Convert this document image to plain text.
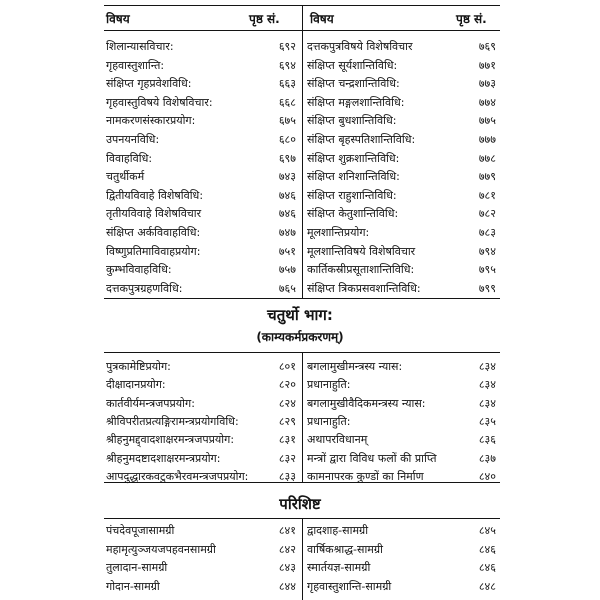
विषय	पृष्ठ सं.	विषय	पृष्ठ सं.
शिलान्यासविचार:	६९२
गृहवास्तुशान्ति:	६९४
संक्षिप्त गृहप्रवेशविधि:	६६३
गृहवास्तुविषये विशेषविचार:	६६८
नामकरणसंस्कारप्रयोग:	६७५
उपनयनविधि:	६८०
विवाहविधि:	६९७
चतुर्थीकर्म	७४३
द्वितीयविवाहे विशेषविधि:	७४६
तृतीयविवाहे विशेषविचार	७४६
संक्षिप्त अर्कविवाहविधि:	७४७
विष्णुप्रतिमाविवाहप्रयोग:	७५१
कुम्भविवाहविधि:	७५७
दत्तकपुत्रग्रहणविधि:	७६५
दत्तकपुत्रविषये विशेषविचार	७६९
संक्षिप्त सूर्यशान्तिविधि:	७७१
संक्षिप्त चन्द्रशान्तिविधि:	७७३
संक्षिप्त मङ्गलशान्तिविधि:	७७४
संक्षिप्त बुधशान्तिविधि:	७७५
संक्षिप्त बृहस्पतिशान्तिविधि:	७७७
संक्षिप्त शुक्रशान्तिविधि:	७७८
संक्षिप्त शनिशान्तिविधि:	७७९
संक्षिप्त राहुशान्तिविधि:	७८१
संक्षिप्त केतुशान्तिविधि:	७८२
मूलशान्तिप्रयोग:	७८३
मूलशान्तिविषये विशेषविचार	७९४
कार्तिकस्रीप्रसूताशान्तिविधि:	७९५
संक्षिप्त त्रिकप्रसवशान्तिविधि:	७९९
चतुर्थो भाग:
(काम्यकर्मप्रकरणम्)
पुत्रकामेष्टिप्रयोग:	८०१
दीक्षादानप्रयोग:	८२०
कार्तवीर्यमन्त्रजपप्रयोग:	८२४
श्रीविपरीतप्रत्यङ्गिरामन्त्रप्रयोगविधि:	८२९
श्रीहनुमद्द्वादशाक्षरमन्त्रजपप्रयोग:	८३१
श्रीहनुमदष्टादशाक्षरमन्त्रप्रयोग:	८३२
आपदुद्धारकवटुकभैरवमन्त्रजपप्रयोग:	८३३
बगलामुखीमन्त्रस्य न्यास:	८३४
प्रधानाहुति:	८३४
बगलामुखीवैदिकमन्त्रस्य न्यास:	८३४
प्रधानाहुति:	८३५
अथापरविधानम्	८३६
मन्त्रों द्वारा विविध फलों की प्राप्ति	८३७
कामनापरक कुण्डों का निर्माण	८४०
परिशिष्ट
पंचदेवपूजासामग्री	८४१
महामृत्युञ्जयजपहवनसामग्री	८४२
तुलादान-सामग्री	८४३
गोदान-सामग्री	८४४
द्वादशाह-सामग्री	८४५
वार्षिकश्राद्ध-सामग्री	८४६
स्मार्तयज्ञ-सामग्री	८४६
गृहवास्तुशान्ति-सामग्री	८४८
